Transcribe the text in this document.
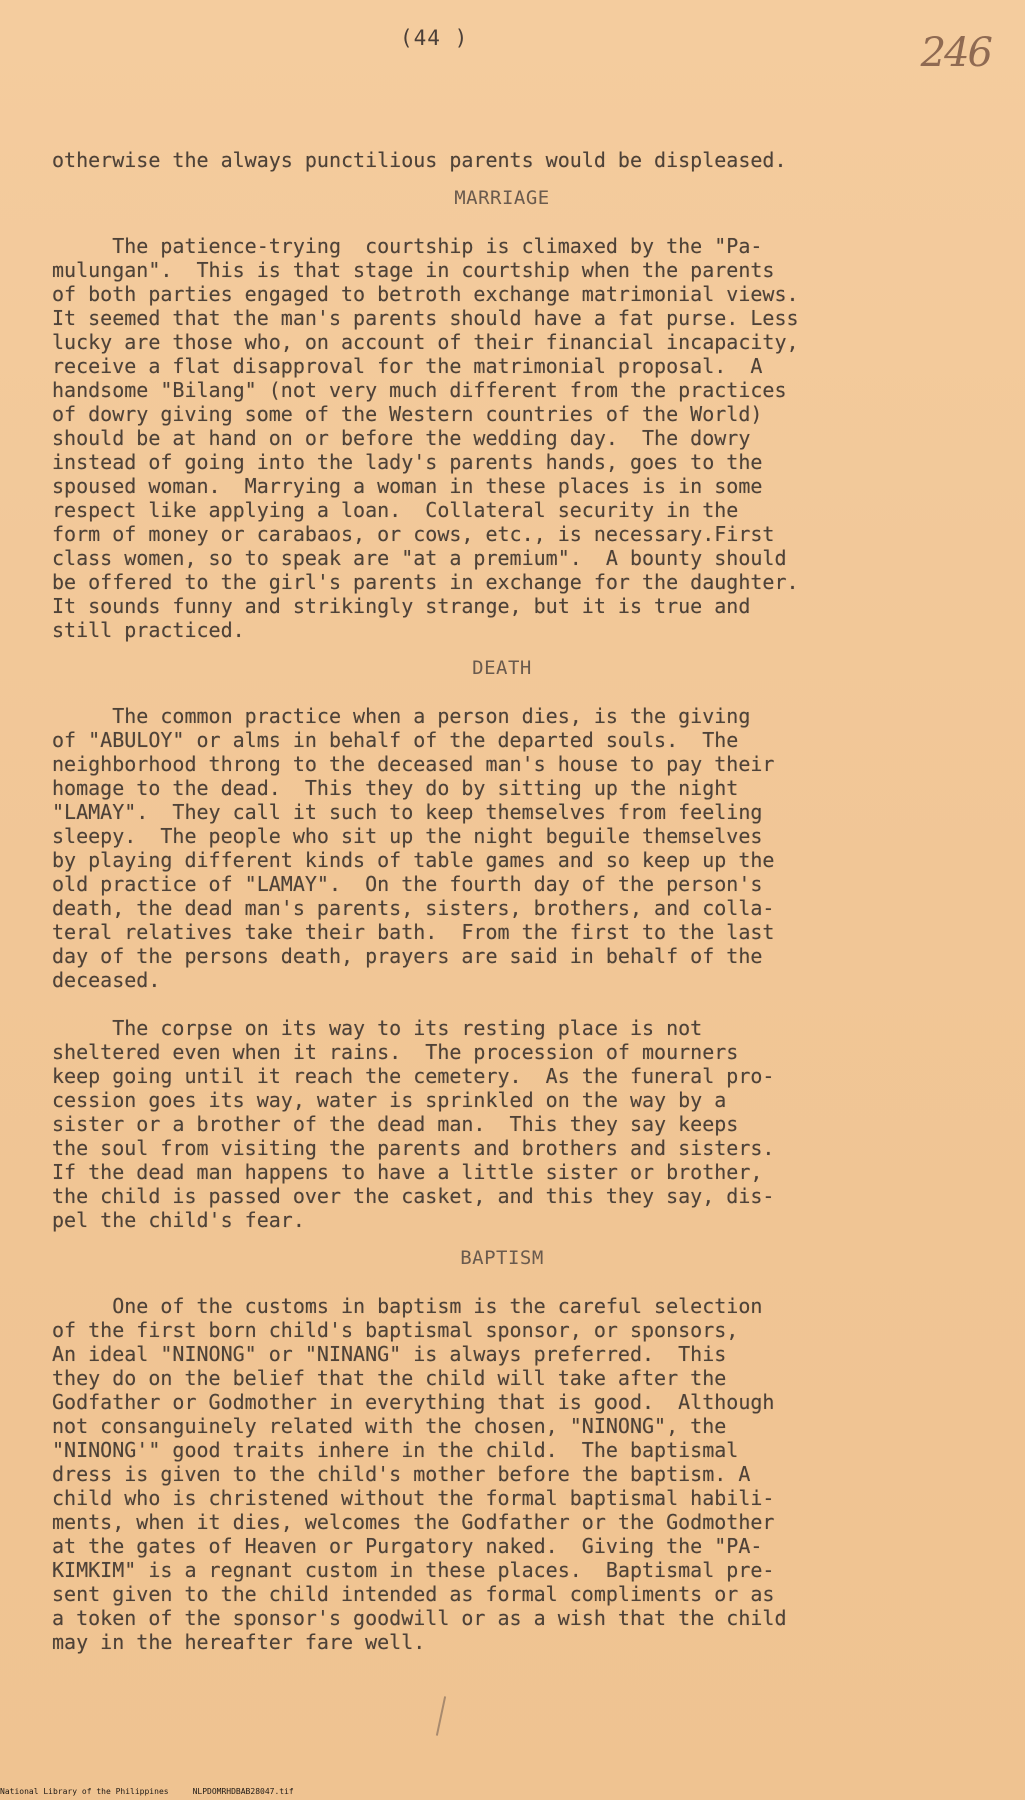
(44 )	246

otherwise the always punctilious parents would be displeased.

MARRIAGE

The patience-trying  courtship is climaxed by the "Pa-

mulungan".  This is that stage in courtship when the parents

of both parties engaged to betroth exchange matrimonial views.

It seemed that the man's parents should have a fat purse. Less

lucky are those who, on account of their financial incapacity,

receive a flat disapproval for the matrimonial proposal.  A

handsome "Bilang" (not very much different from the practices

of dowry giving some of the Western countries of the World)

should be at hand on or before the wedding day.  The dowry

instead of going into the lady's parents hands, goes to the

spoused woman.  Marrying a woman in these places is in some

respect like applying a loan.  Collateral security in the

form of money or carabaos, or cows, etc., is necessary.First

class women, so to speak are "at a premium".  A bounty should

be offered to the girl's parents in exchange for the daughter.

It sounds funny and strikingly strange, but it is true and

still practiced.

DEATH

The common practice when a person dies, is the giving

of "ABULOY" or alms in behalf of the departed souls.  The

neighborhood throng to the deceased man's house to pay their

homage to the dead.  This they do by sitting up the night

"LAMAY".  They call it such to keep themselves from feeling

sleepy.  The people who sit up the night beguile themselves

by playing different kinds of table games and so keep up the

old practice of "LAMAY".  On the fourth day of the person's

death, the dead man's parents, sisters, brothers, and colla-

teral relatives take their bath.  From the first to the last

day of the persons death, prayers are said in behalf of the

deceased.

The corpse on its way to its resting place is not

sheltered even when it rains.  The procession of mourners

keep going until it reach the cemetery.  As the funeral pro-

cession goes its way, water is sprinkled on the way by a

sister or a brother of the dead man.  This they say keeps

the soul from visiting the parents and brothers and sisters.

If the dead man happens to have a little sister or brother,

the child is passed over the casket, and this they say, dis-

pel the child's fear.

BAPTISM

One of the customs in baptism is the careful selection

of the first born child's baptismal sponsor, or sponsors,

An ideal "NINONG" or "NINANG" is always preferred.  This

they do on the belief that the child will take after the

Godfather or Godmother in everything that is good.  Although

not consanguinely related with the chosen, "NINONG", the

"NINONG'" good traits inhere in the child.  The baptismal

dress is given to the child's mother before the baptism. A

child who is christened without the formal baptismal habili-

ments, when it dies, welcomes the Godfather or the Godmother

at the gates of Heaven or Purgatory naked.  Giving the "PA-

KIMKIM" is a regnant custom in these places.  Baptismal pre-

sent given to the child intended as formal compliments or as

a token of the sponsor's goodwill or as a wish that the child

may in the hereafter fare well.

National Library of the Philippines	NLPDOMRHDBAB28047.tif
